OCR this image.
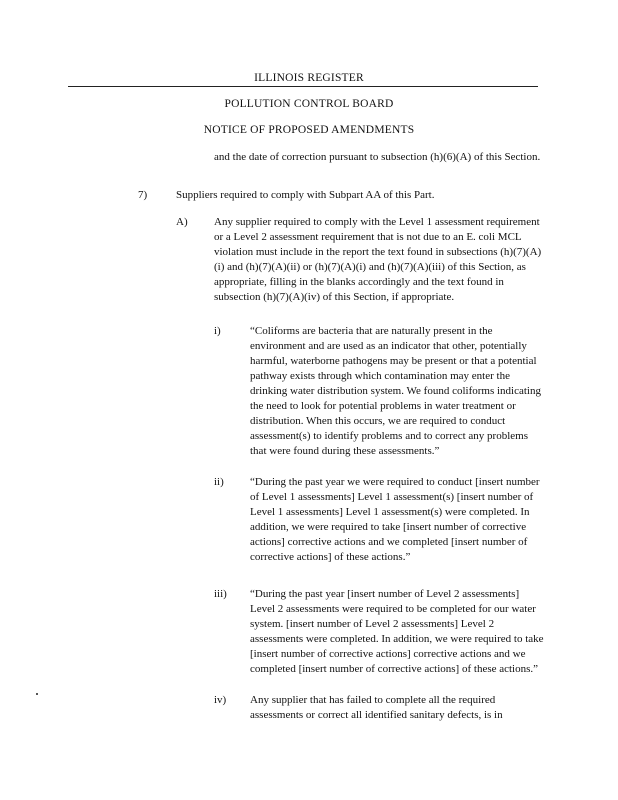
ILLINOIS REGISTER
POLLUTION CONTROL BOARD
NOTICE OF PROPOSED AMENDMENTS
and the date of correction pursuant to subsection (h)(6)(A) of this Section.
7)	Suppliers required to comply with Subpart AA of this Part.
A) Any supplier required to comply with the Level 1 assessment requirement or a Level 2 assessment requirement that is not due to an E. coli MCL violation must include in the report the text found in subsections (h)(7)(A)(i) and (h)(7)(A)(ii) or (h)(7)(A)(i) and (h)(7)(A)(iii) of this Section, as appropriate, filling in the blanks accordingly and the text found in subsection (h)(7)(A)(iv) of this Section, if appropriate.
i)	“Coliforms are bacteria that are naturally present in the environment and are used as an indicator that other, potentially harmful, waterborne pathogens may be present or that a potential pathway exists through which contamination may enter the drinking water distribution system. We found coliforms indicating the need to look for potential problems in water treatment or distribution. When this occurs, we are required to conduct assessment(s) to identify problems and to correct any problems that were found during these assessments.”
ii) “During the past year we were required to conduct [insert number of Level 1 assessments] Level 1 assessment(s) [insert number of Level 1 assessments] Level 1 assessment(s) were completed. In addition, we were required to take [insert number of corrective actions] corrective actions and we completed [insert number of corrective actions] of these actions.”
iii) “During the past year [insert number of Level 2 assessments] Level 2 assessments were required to be completed for our water system. [insert number of Level 2 assessments] Level 2 assessments were completed. In addition, we were required to take [insert number of corrective actions] corrective actions and we completed [insert number of corrective actions] of these actions.”
iv) Any supplier that has failed to complete all the required assessments or correct all identified sanitary defects, is in
